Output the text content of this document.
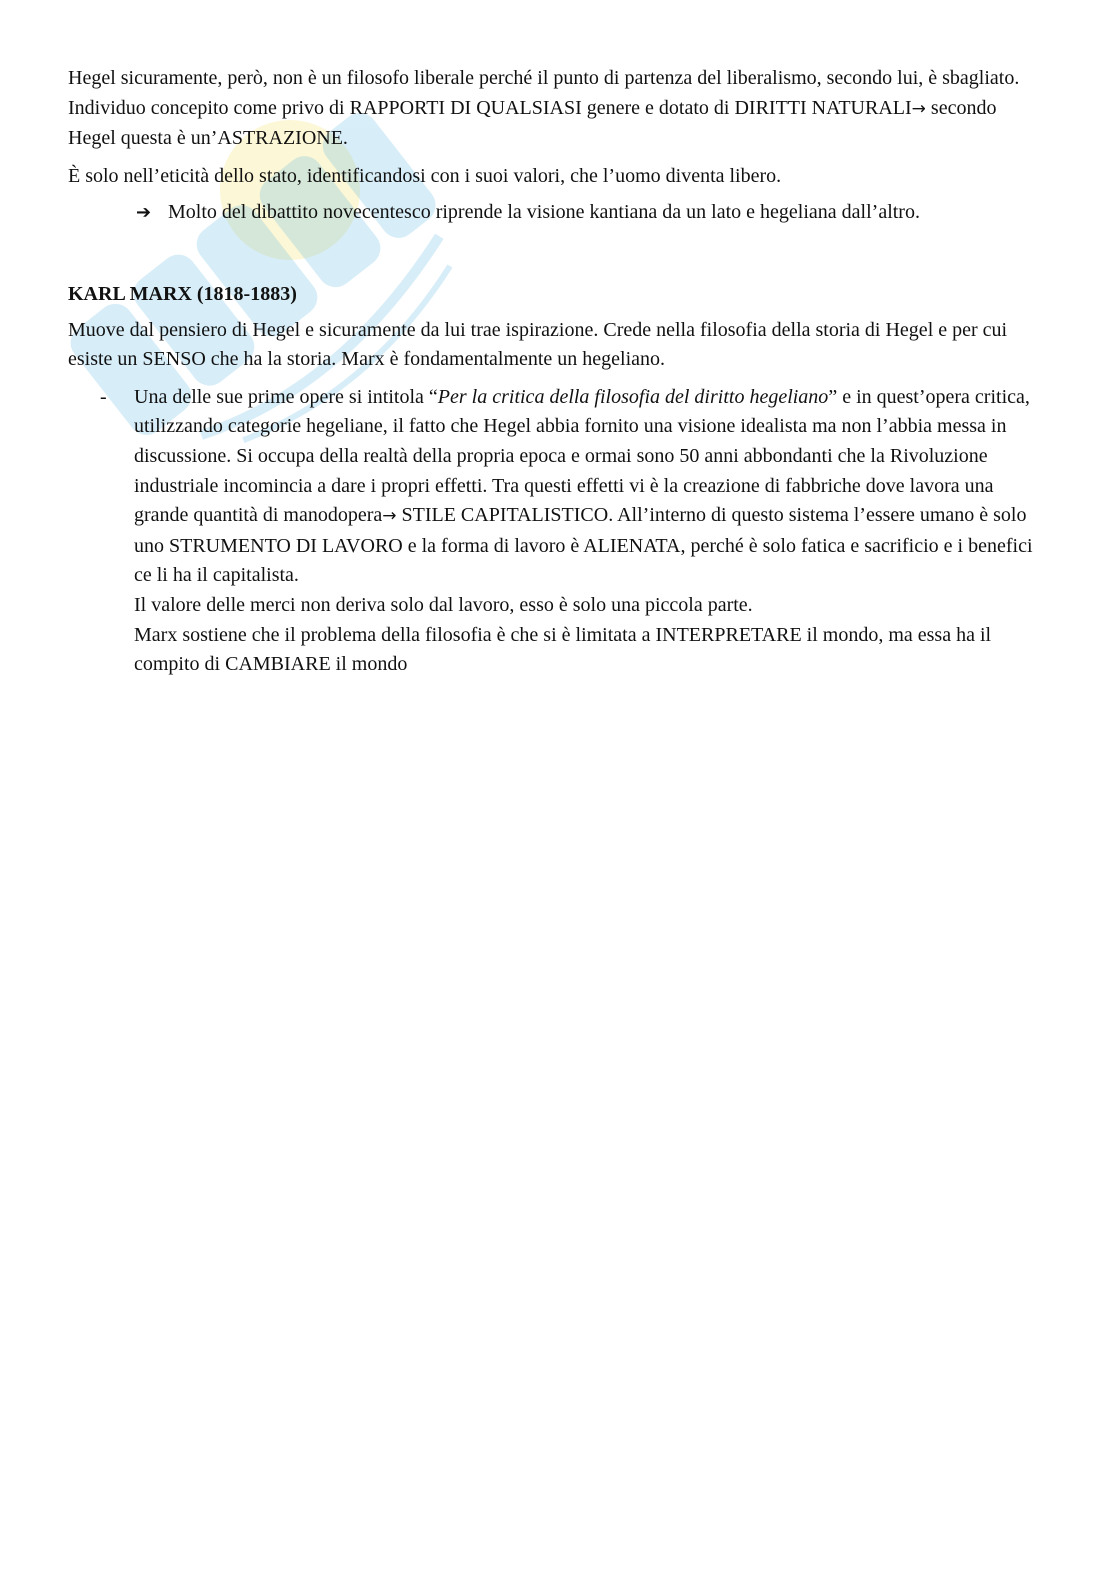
Hegel sicuramente, però, non è un filosofo liberale perché il punto di partenza del liberalismo, secondo lui, è sbagliato. Individuo concepito come privo di RAPPORTI DI QUALSIASI genere e dotato di DIRITTI NATURALI→ secondo Hegel questa è un’ASTRAZIONE.

È solo nell’eticità dello stato, identificandosi con i suoi valori, che l’uomo diventa libero.

➔ Molto del dibattito novecentesco riprende la visione kantiana da un lato e hegeliana dall’altro.

KARL MARX (1818-1883)

Muove dal pensiero di Hegel e sicuramente da lui trae ispirazione. Crede nella filosofia della storia di Hegel e per cui esiste un SENSO che ha la storia. Marx è fondamentalmente un hegeliano.

- Una delle sue prime opere si intitola “Per la critica della filosofia del diritto hegeliano” e in quest’opera critica, utilizzando categorie hegeliane, il fatto che Hegel abbia fornito una visione idealista ma non l’abbia messa in discussione. Si occupa della realtà della propria epoca e ormai sono 50 anni abbondanti che la Rivoluzione industriale incomincia a dare i propri effetti. Tra questi effetti vi è la creazione di fabbriche dove lavora una grande quantità di manodopera→ STILE CAPITALISTICO. All’interno di questo sistema l’essere umano è solo uno STRUMENTO DI LAVORO e la forma di lavoro è ALIENATA, perché è solo fatica e sacrificio e i benefici ce li ha il capitalista.

Il valore delle merci non deriva solo dal lavoro, esso è solo una piccola parte.

Marx sostiene che il problema della filosofia è che si è limitata a INTERPRETARE il mondo, ma essa ha il compito di CAMBIARE il mondo
